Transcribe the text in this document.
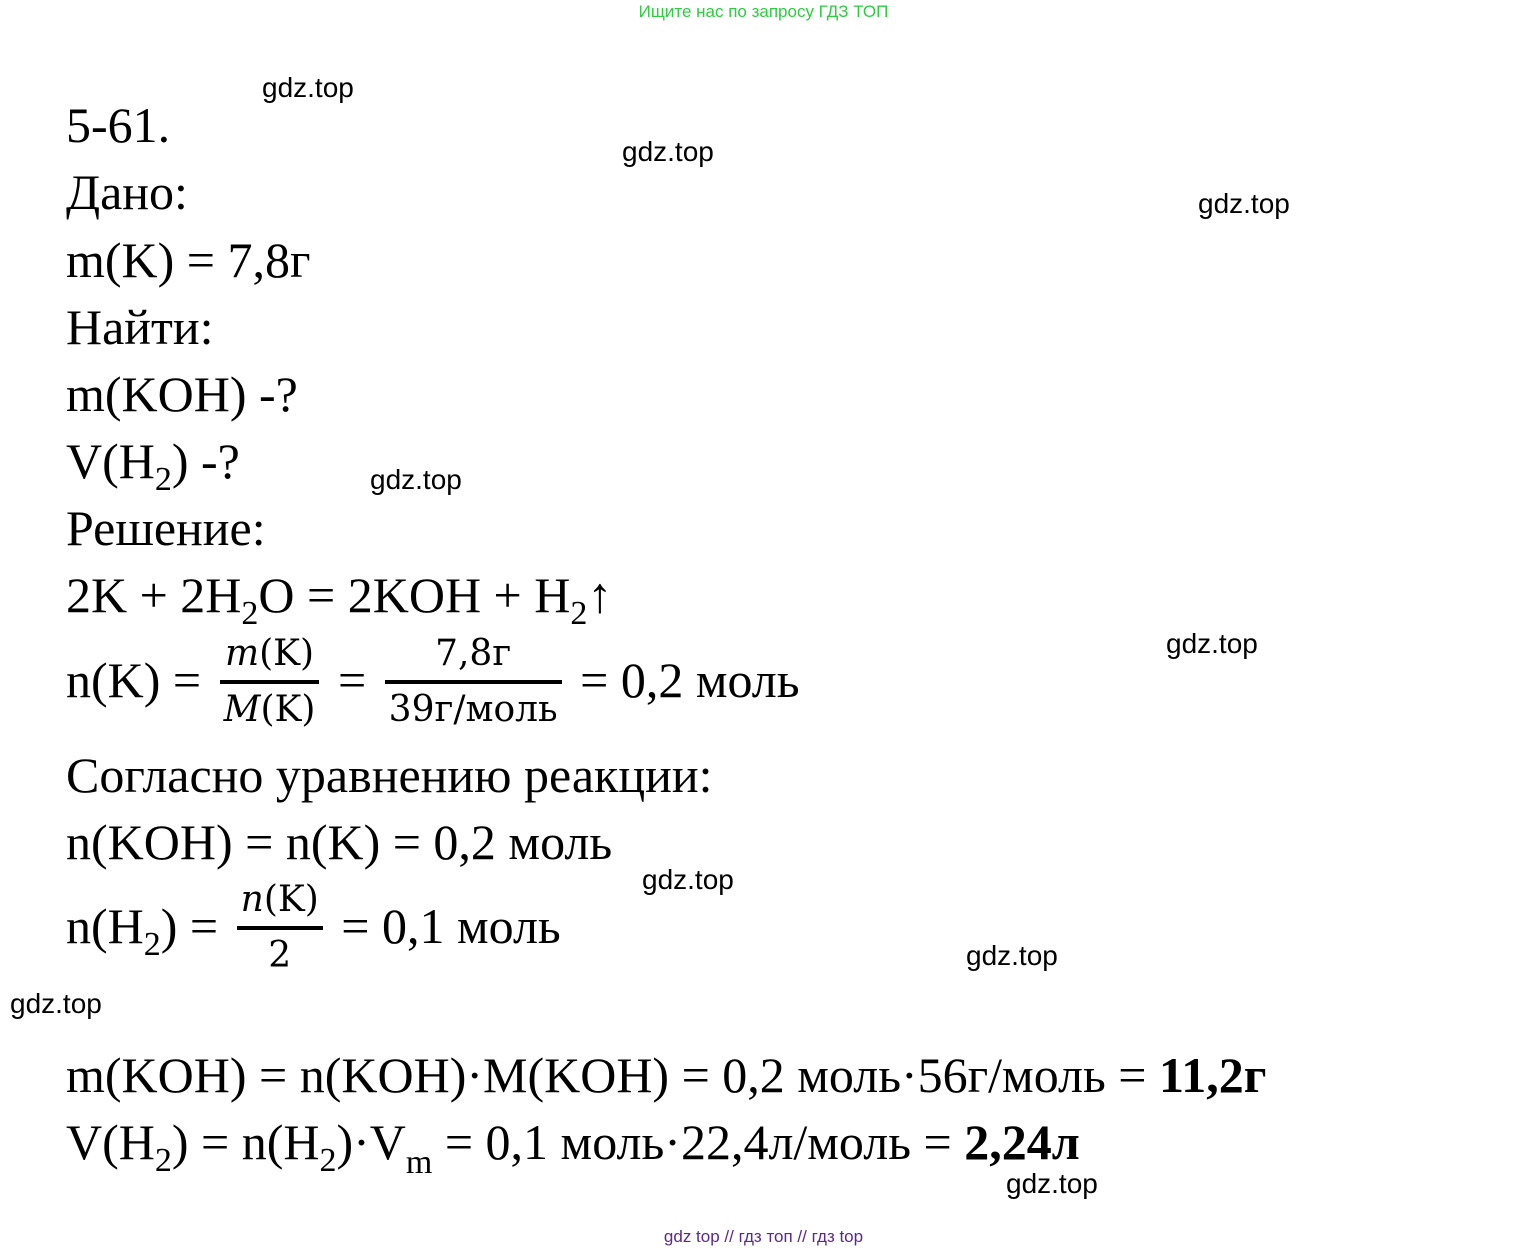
Ищите нас по запросу ГДЗ ТОП
gdz.top
gdz.top
gdz.top
gdz.top
gdz.top
gdz.top
gdz.top
gdz.top
gdz.top
5-61.
Дано:
m(K) = 7,8г
Найти:
m(KOH) -?
$V(H_2)$ -?
Решение:
$2K + 2H_2O = 2KOH$ + $H_2↑$
$n(K) = \frac{m(K)}{M(K)} = \frac{7,8г}{\text{39г/моль}} = 0,2$ моль
Согласно уравнению реакции:
n(KOH) = n(K) = 0,2 моль
$n(H_2) = \frac{n(K)}{2} = 0,1$ моль
m(KOH) = n(KOH)·M(KOH) = 0,2 моль·56г/моль = 11,2г
$V(H_2) = n(H_2)\cdot V_m = 0,1$ моль·22,4л/моль = 2,24л
gdz top // гдз топ // гдз top
